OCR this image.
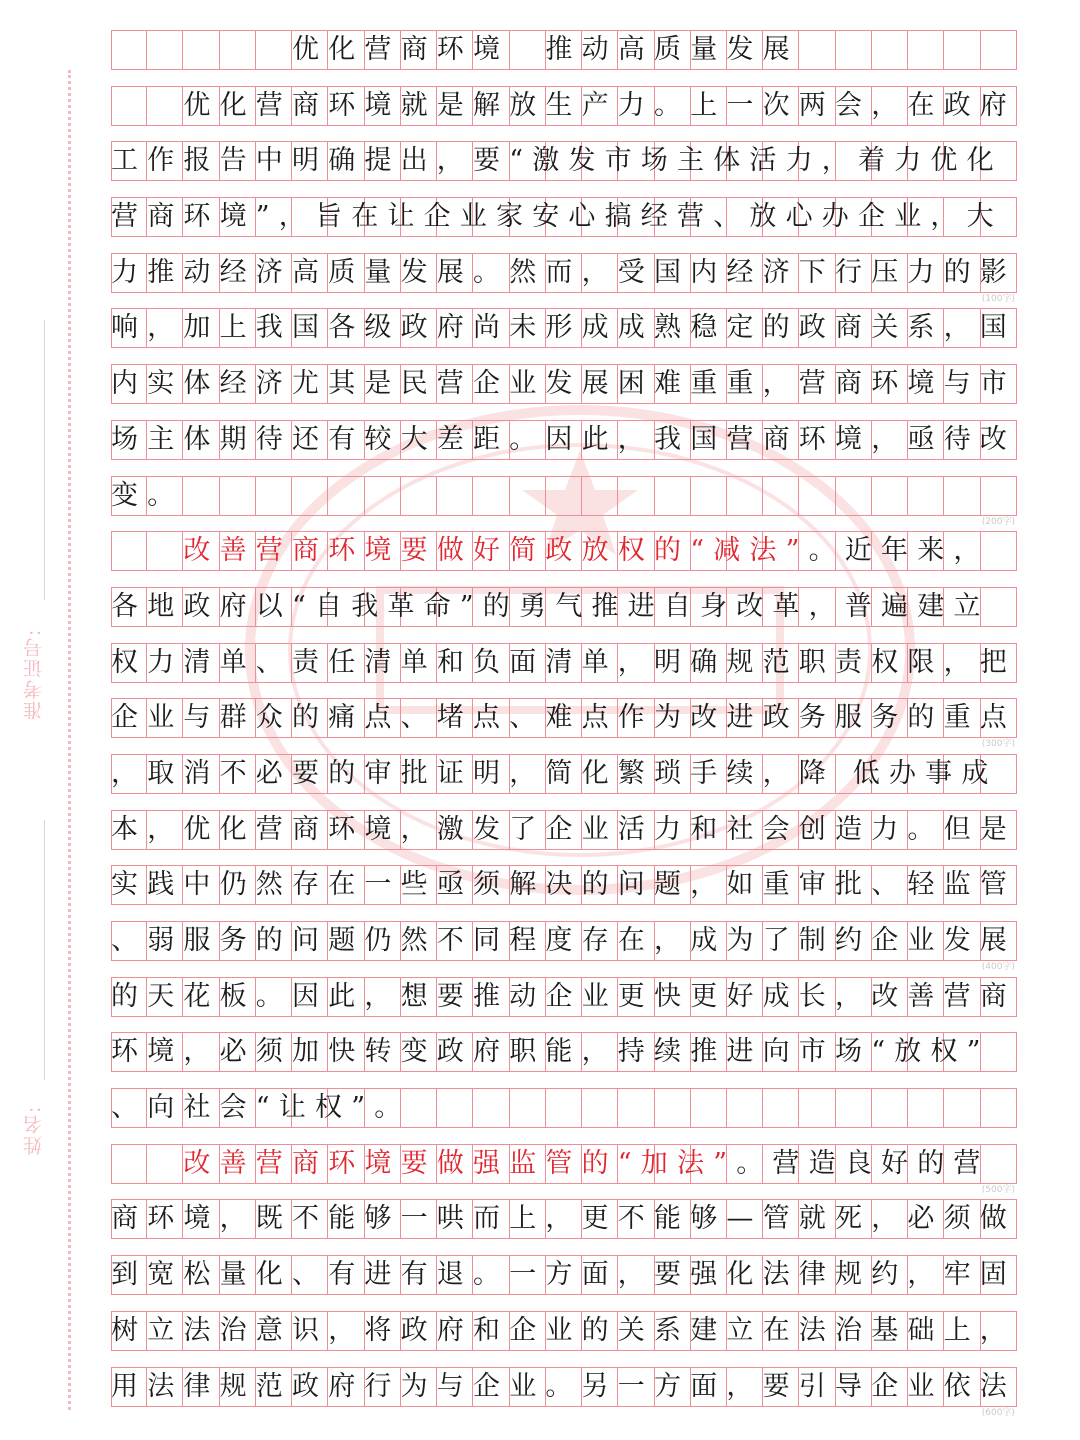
准考证号:
姓名:
　　　　　优化营商环境　推动高质量发展
　　优化营商环境就是解放生产力。上一次两会，在政府
工作报告中明确提出，要“激发市场主体活力，着力优化
营商环境”，旨在让企业家安心搞经营、放心办企业，大
力推动经济高质量发展。然而，受国内经济下行压力的影
(100字)
响，加上我国各级政府尚未形成成熟稳定的政商关系，国
内实体经济尤其是民营企业发展困难重重，营商环境与市
场主体期待还有较大差距。因此，我国营商环境，亟待改
变。
(200字)
　　改善营商环境要做好简政放权的“减法”。近年来，
各地政府以“自我革命”的勇气推进自身改革，普遍建立
权力清单、责任清单和负面清单，明确规范职责权限，把
企业与群众的痛点、堵点、难点作为改进政务服务的重点
(300字)
，取消不必要的审批证明，简化繁琐手续，降 低办事成
本，优化营商环境，激发了企业活力和社会创造力。但是
实践中仍然存在一些亟须解决的问题，如重审批、轻监管
、弱服务的问题仍然不同程度存在，成为了制约企业发展
(400字)
的天花板。因此，想要推动企业更快更好成长，改善营商
环境，必须加快转变政府职能，持续推进向市场“放权”
、向社会“让权”。
　　改善营商环境要做强监管的“加法”。营造良好的营
(500字)
商环境，既不能够一哄而上，更不能够—管就死，必须做
到宽松量化、有进有退。一方面，要强化法律规约，牢固
树立法治意识，将政府和企业的关系建立在法治基础上，
用法律规范政府行为与企业。另一方面，要引导企业依法
(600字)
